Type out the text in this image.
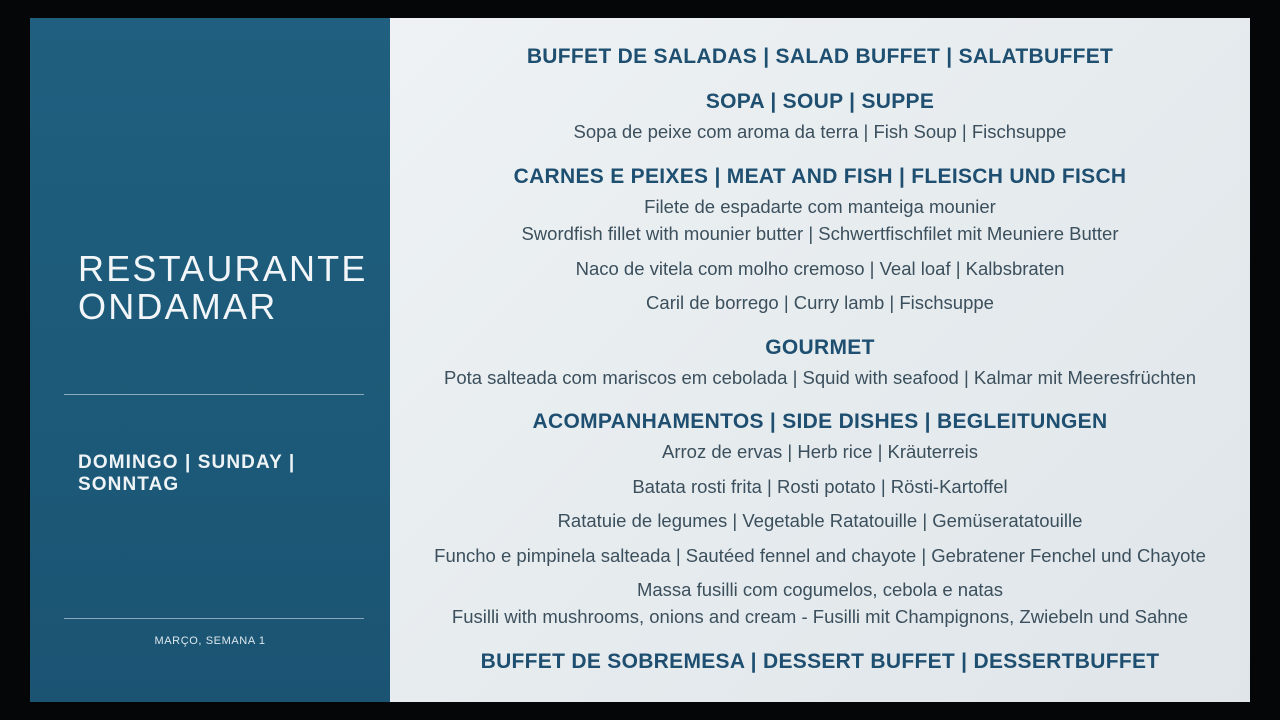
RESTAURANTE
ONDAMAR
DOMINGO | SUNDAY | SONNTAG
MARÇO, SEMANA 1

BUFFET DE SALADAS | SALAD BUFFET | SALATBUFFET

SOPA | SOUP | SUPPE

Sopa de peixe com aroma da terra | Fish Soup | Fischsuppe

CARNES E PEIXES | MEAT AND FISH | FLEISCH UND FISCH

Filete de espadarte com manteiga mounier

Swordfish fillet with mounier butter | Schwertfischfilet mit Meuniere Butter

Naco de vitela com molho cremoso | Veal loaf | Kalbsbraten

Caril de borrego | Curry lamb | Fischsuppe

GOURMET

Pota salteada com mariscos em cebolada | Squid with seafood | Kalmar mit Meeresfrüchten

ACOMPANHAMENTOS | SIDE DISHES | BEGLEITUNGEN

Arroz de ervas | Herb rice | Kräuterreis

Batata rosti frita | Rosti potato | Rösti-Kartoffel

Ratatuie de legumes | Vegetable Ratatouille | Gemüseratatouille

Funcho e pimpinela salteada | Sautéed fennel and chayote | Gebratener Fenchel und Chayote

Massa fusilli com cogumelos, cebola e natas

Fusilli with mushrooms, onions and cream - Fusilli mit Champignons, Zwiebeln und Sahne

BUFFET DE SOBREMESA | DESSERT BUFFET | DESSERTBUFFET
